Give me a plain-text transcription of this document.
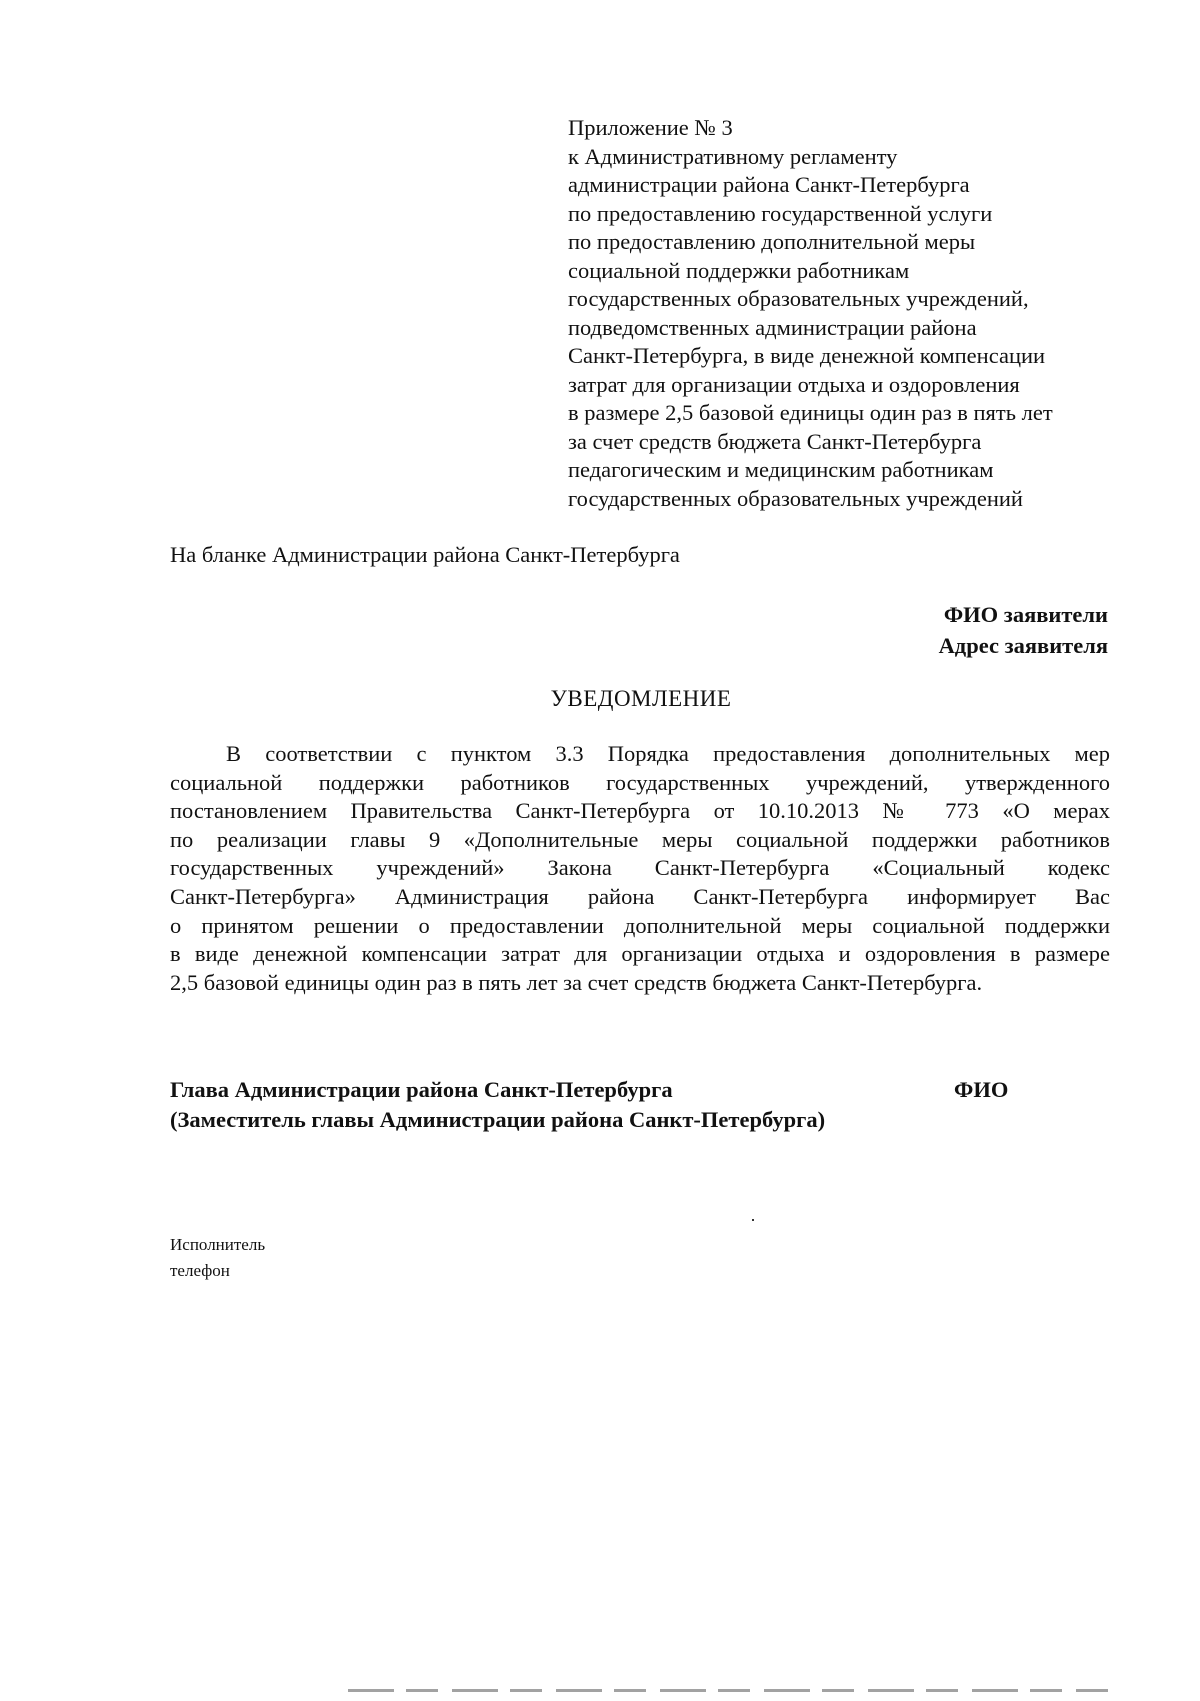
Приложение № 3
к Административному регламенту
администрации района Санкт-Петербурга
по предоставлению государственной услуги
по предоставлению дополнительной меры
социальной поддержки работникам
государственных образовательных учреждений,
подведомственных администрации района
Санкт-Петербурга, в виде денежной компенсации
затрат для организации отдыха и оздоровления
в размере 2,5 базовой единицы один раз в пять лет
за счет средств бюджета Санкт-Петербурга
педагогическим и медицинским работникам
государственных образовательных учреждений
На бланке Администрации района Санкт-Петербурга
ФИО заявители
Адрес заявителя
УВЕДОМЛЕНИЕ
В соответствии с пунктом 3.3 Порядка предоставления дополнительных мер
социальной поддержки работников государственных учреждений, утвержденного
постановлением Правительства Санкт-Петербурга от 10.10.2013 № 773 «О мерах
по реализации главы 9 «Дополнительные меры социальной поддержки работников
государственных учреждений» Закона Санкт-Петербурга «Социальный кодекс
Санкт-Петербурга» Администрация района Санкт-Петербурга информирует Вас
о принятом решении о предоставлении дополнительной меры социальной поддержки
в виде денежной компенсации затрат для организации отдыха и оздоровления в размере
2,5 базовой единицы один раз в пять лет за счет средств бюджета Санкт-Петербурга.
Глава Администрации района Санкт-Петербурга
(Заместитель главы Администрации района Санкт-Петербурга)
ФИО
Исполнитель
телефон
